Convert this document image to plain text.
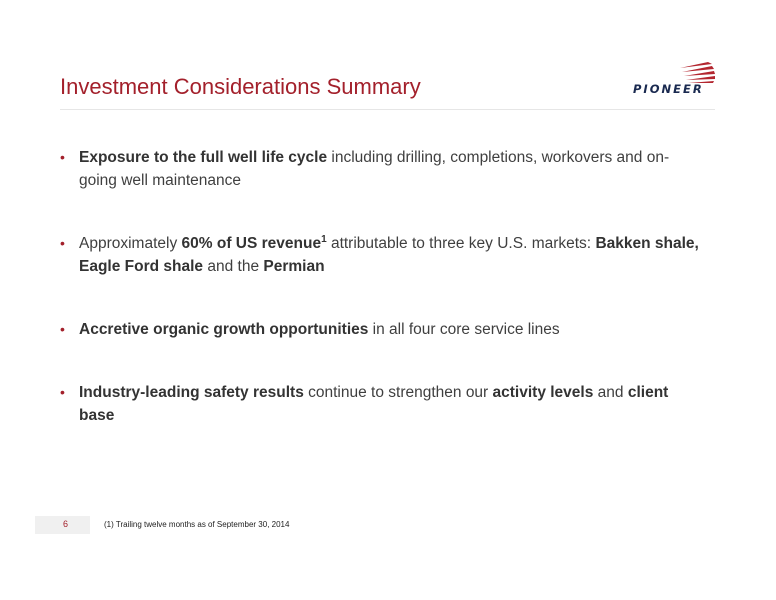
Investment Considerations Summary	PIONEER
• Exposure to the full well life cycle including drilling, completions, workovers and on-going well maintenance
• Approximately 60% of US revenue$^1$ attributable to three key U.S. markets: Bakken shale, Eagle Ford shale and the Permian
• Accretive organic growth opportunities in all four core service lines
• Industry-leading safety results continue to strengthen our activity levels and client base
6	(1) Trailing twelve months as of September 30, 2014
